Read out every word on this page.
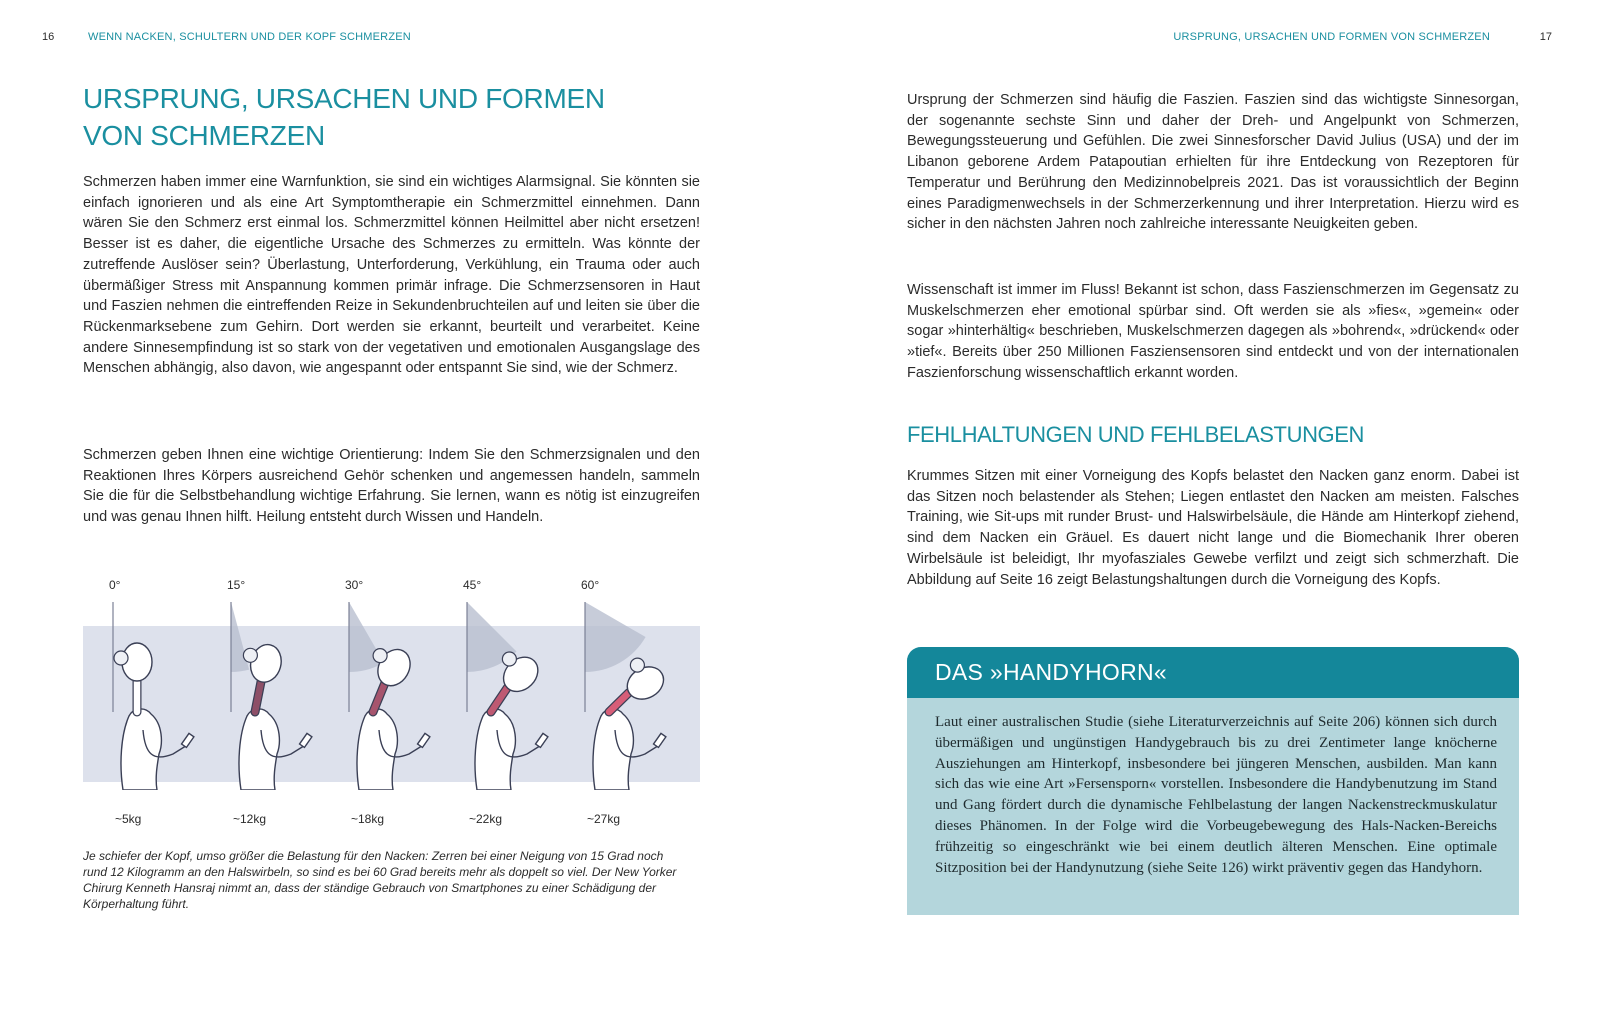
16	WENN NACKEN, SCHULTERN UND DER KOPF SCHMERZEN
URSPRUNG, URSACHEN UND FORMEN
VON SCHMERZEN

Schmerzen haben immer eine Warnfunktion, sie sind ein wichtiges Alarmsignal. Sie könnten sie einfach ignorieren und als eine Art Symptomtherapie ein Schmerzmittel einnehmen. Dann wären Sie den Schmerz erst einmal los. Schmerzmittel können Heilmittel aber nicht ersetzen! Besser ist es daher, die eigentliche Ursache des Schmerzes zu ermitteln. Was könnte der zutreffende Auslöser sein? Überlastung, Unterforderung, Verkühlung, ein Trauma oder auch übermäßiger Stress mit Anspannung kommen primär infrage. Die Schmerzsensoren in Haut und Faszien nehmen die eintreffenden Reize in Sekundenbruchteilen auf und leiten sie über die Rückenmarksebene zum Gehirn. Dort werden sie erkannt, beurteilt und verarbeitet. Keine andere Sinnesempfindung ist so stark von der vegetativen und emotionalen Ausgangslage des Menschen abhängig, also davon, wie angespannt oder entspannt Sie sind, wie der Schmerz.

Schmerzen geben Ihnen eine wichtige Orientierung: Indem Sie den Schmerzsignalen und den Reaktionen Ihres Körpers ausreichend Gehör schenken und angemessen handeln, sammeln Sie die für die Selbstbehandlung wichtige Erfahrung. Sie lernen, wann es nötig ist einzugreifen und was genau Ihnen hilft. Heilung entsteht durch Wissen und Handeln.

0°
~5kg
15°
~12kg
30°
~18kg
45°
~22kg
60°
~27kg

Je schiefer der Kopf, umso größer die Belastung für den Nacken: Zerren bei einer Neigung von 15 Grad noch rund 12 Kilogramm an den Halswirbeln, so sind es bei 60 Grad bereits mehr als doppelt so viel. Der New Yorker Chirurg Kenneth Hansraj nimmt an, dass der ständige Gebrauch von Smartphones zu einer Schädigung der Körperhaltung führt.

URSPRUNG, URSACHEN UND FORMEN VON SCHMERZEN	17

Ursprung der Schmerzen sind häufig die Faszien. Faszien sind das wichtigste Sinnesorgan, der sogenannte sechste Sinn und daher der Dreh- und Angelpunkt von Schmerzen, Bewegungssteuerung und Gefühlen. Die zwei Sinnesforscher David Julius (USA) und der im Libanon geborene Ardem Patapoutian erhielten für ihre Entdeckung von Rezeptoren für Temperatur und Berührung den Medizinnobelpreis 2021. Das ist voraussichtlich der Beginn eines Paradigmenwechsels in der Schmerzerkennung und ihrer Interpretation. Hierzu wird es sicher in den nächsten Jahren noch zahlreiche interessante Neuigkeiten geben.

Wissenschaft ist immer im Fluss! Bekannt ist schon, dass Faszienschmerzen im Gegensatz zu Muskelschmerzen eher emotional spürbar sind. Oft werden sie als »fies«, »gemein« oder sogar »hinterhältig« beschrieben, Muskelschmerzen dagegen als »bohrend«, »drückend« oder »tief«. Bereits über 250 Millionen Fasziensensoren sind entdeckt und von der internationalen Faszienforschung wissenschaftlich erkannt worden.

FEHLHALTUNGEN UND FEHLBELASTUNGEN

Krummes Sitzen mit einer Vorneigung des Kopfs belastet den Nacken ganz enorm. Dabei ist das Sitzen noch belastender als Stehen; Liegen entlastet den Nacken am meisten. Falsches Training, wie Sit-ups mit runder Brust- und Halswirbelsäule, die Hände am Hinterkopf ziehend, sind dem Nacken ein Gräuel. Es dauert nicht lange und die Biomechanik Ihrer oberen Wirbelsäule ist beleidigt, Ihr myofasziales Gewebe verfilzt und zeigt sich schmerzhaft. Die Abbildung auf Seite 16 zeigt Belastungshaltungen durch die Vorneigung des Kopfs.

DAS »HANDYHORN«

Laut einer australischen Studie (siehe Literaturverzeichnis auf Seite 206) können sich durch übermäßigen und ungünstigen Handygebrauch bis zu drei Zentimeter lange knöcherne Ausziehungen am Hinterkopf, insbesondere bei jüngeren Menschen, ausbilden. Man kann sich das wie eine Art »Fersensporn« vorstellen. Insbesondere die Handybenutzung im Stand und Gang fördert durch die dynamische Fehlbelastung der langen Nackenstreckmuskulatur dieses Phänomen. In der Folge wird die Vorbeugebewegung des Hals-Nacken-Bereichs frühzeitig so eingeschränkt wie bei einem deutlich älteren Menschen. Eine optimale Sitzposition bei der Handynutzung (siehe Seite 126) wirkt präventiv gegen das Handyhorn.
